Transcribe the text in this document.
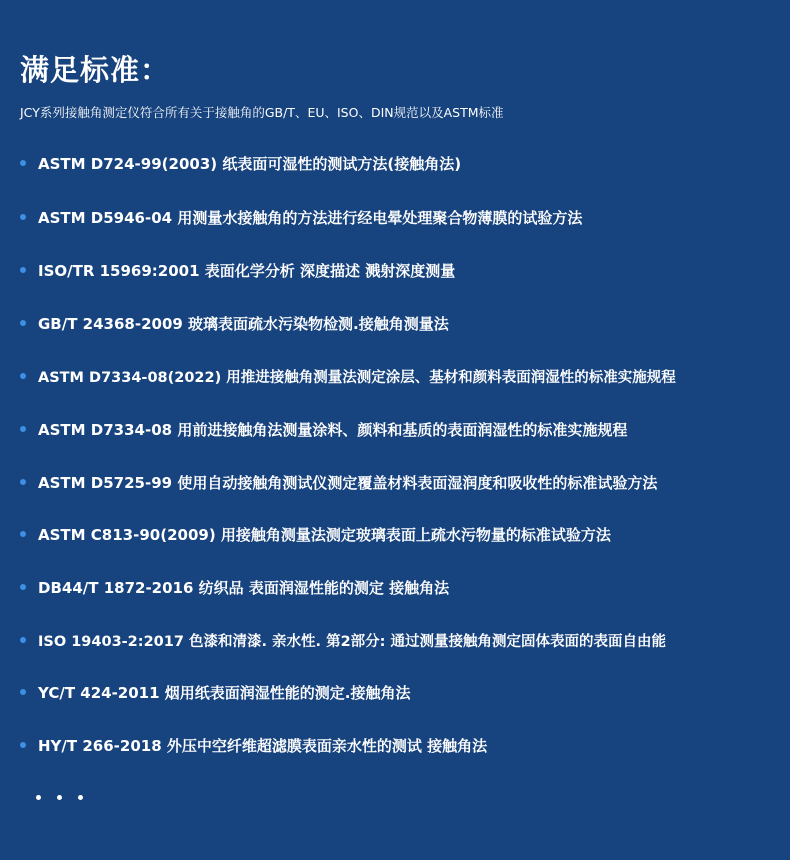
满足标准：
JCY系列接触角测定仪符合所有关于接触角的GB/T、EU、ISO、DIN规范以及ASTM标准
ASTM D724-99(2003) 纸表面可湿性的测试方法(接触角法)
ASTM D5946-04 用测量水接触角的方法进行经电晕处理聚合物薄膜的试验方法
ISO/TR 15969:2001 表面化学分析 深度描述 溅射深度测量
GB/T 24368-2009 玻璃表面疏水污染物检测.接触角测量法
ASTM D7334-08(2022) 用推进接触角测量法测定涂层、基材和颜料表面润湿性的标准实施规程
ASTM D7334-08 用前进接触角法测量涂料、颜料和基质的表面润湿性的标准实施规程
ASTM D5725-99 使用自动接触角测试仪测定覆盖材料表面湿润度和吸收性的标准试验方法
ASTM C813-90(2009) 用接触角测量法测定玻璃表面上疏水污物量的标准试验方法
DB44/T 1872-2016 纺织品 表面润湿性能的测定 接触角法
ISO 19403-2:2017 色漆和清漆. 亲水性. 第2部分: 通过测量接触角测定固体表面的表面自由能
YC/T 424-2011 烟用纸表面润湿性能的测定.接触角法
HY/T 266-2018 外压中空纤维超滤膜表面亲水性的测试 接触角法
